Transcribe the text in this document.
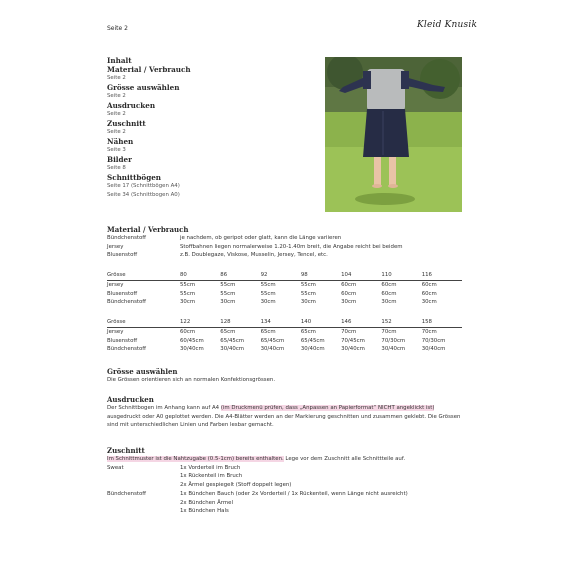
Seite 2	Kleid Knusik
Inhalt
Material / Verbrauch
Seite 2
Grösse auswählen
Seite 2
Ausdrucken
Seite 2
Zuschnitt
Seite 2
Nähen
Seite 3
Bilder
Seite 8
Schnittbögen
Seite 17 (Schnittbögen A4)
Seite 34 (Schnittbogen A0)
Material / Verbrauch
Bündchenstoff	je nachdem, ob geripot oder glatt, kann die Länge variieren
Jersey	Stoffbahnen liegen normalerweise 1.20-1.40m breit, die Angabe reicht bei beidem
Blusenstoff	z.B. Doublegaze, Viskose, Musselin, Jersey, Tencel, etc.
Grösse	80	86	92	98	104	110	116
Jersey	55cm	55cm	55cm	55cm	60cm	60cm	60cm
Blusenstoff	55cm	55cm	55cm	55cm	60cm	60cm	60cm
Bündchenstoff	30cm	30cm	30cm	30cm	30cm	30cm	30cm
Grösse	122	128	134	140	146	152	158
Jersey	60cm	65cm	65cm	65cm	70cm	70cm	70cm
Blusenstoff	60/45cm	65/45cm	65/45cm	65/45cm	70/45cm	70/30cm	70/30cm
Bündchenstoff	30/40cm	30/40cm	30/40cm	30/40cm	30/40cm	30/40cm	30/40cm
Grösse auswählen
Die Grössen orientieren sich an normalen Konfektionsgrössen.
Ausdrucken
Der Schnittbogen im Anhang kann auf A4 (im Druckmenü prüfen, dass „Anpassen an Papierformat“ NICHT angeklickt ist) ausgedruckt oder A0 geplottet werden. Die A4-Blätter werden an der Markierung geschnitten und zusammen geklebt. Die Grössen sind mit unterschiedlichen Linien und Farben lesbar gemacht.
Zuschnitt
Im Schnittmuster ist die Nahtzugabe (0.5-1cm) bereits enthalten. Lege vor dem Zuschnitt alle Schnittteile auf.
Sweat	1x Vorderteil im Bruch
1x Rückenteil im Bruch
2x Ärmel gespiegelt (Stoff doppelt legen)
Bündchenstoff	1x Bündchen Bauch (oder 2x Vorderteil / 1x Rückenteil, wenn Länge nicht ausreicht)
2x Bündchen Ärmel
1x Bündchen Hals
